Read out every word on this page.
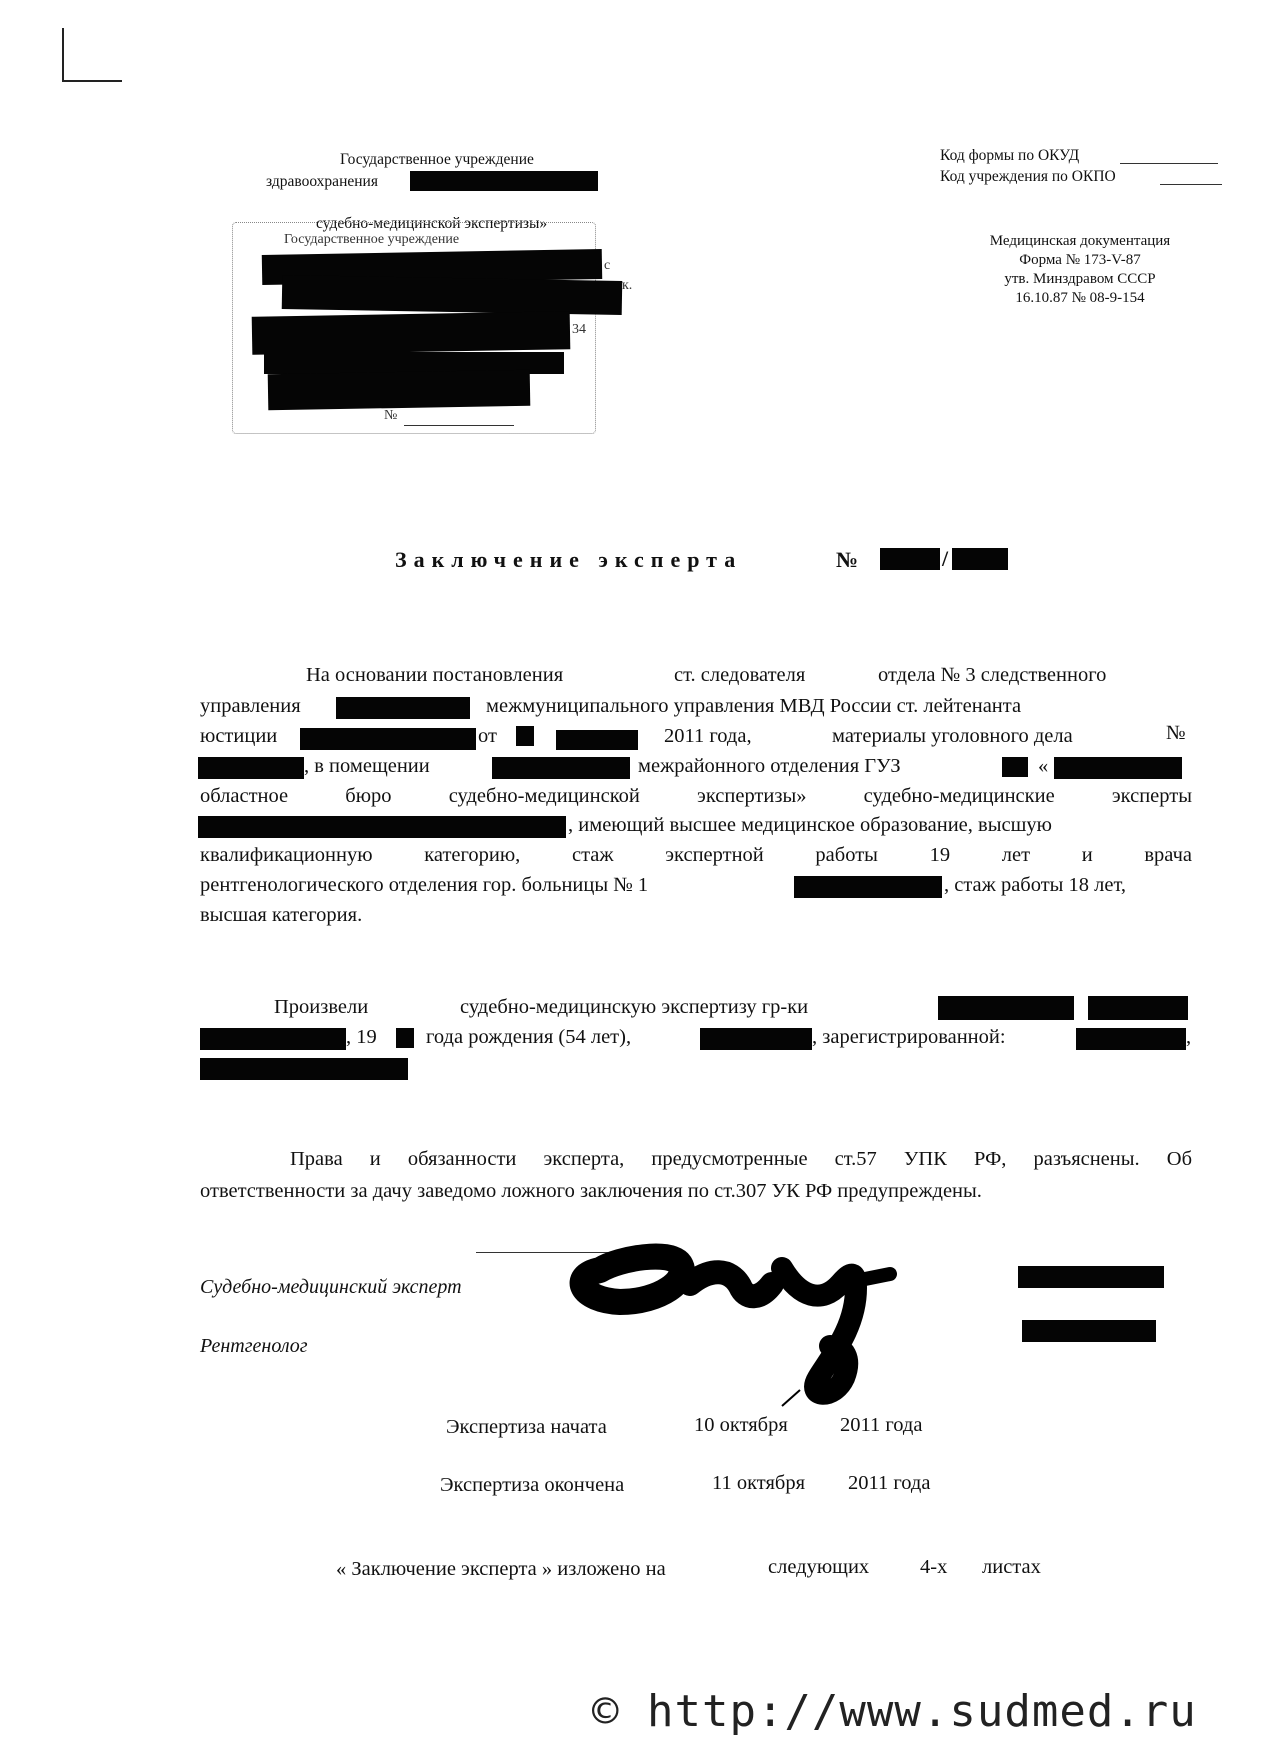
Государственное учреждение
здравоохранения
судебно-медицинской экспертизы»
Государственное учреждение
с
к.
34
№
Код формы по ОКУД
Код учреждения по ОКПО
Медицинская документация
Форма № 173-V-87
утв. Минздравом СССР
16.10.87 № 08-9-154
Заключение эксперта	№	/
На основании постановления	ст. следователя	отдела № 3 следственного
управления	межмуниципального управления МВД России ст. лейтенанта
юстиции	от	2011 года,	материалы уголовного дела	№
, в помещении	межрайонного отделения ГУЗ	«
областное бюро судебно-медицинской экспертизы» судебно-медицинские эксперты
, имеющий высшее медицинское образование, высшую
квалификационную категорию, стаж экспертной работы 19 лет и врача
рентгенологического отделения гор. больницы № 1	, стаж работы 18 лет,
высшая категория.
Произвели	судебно-медицинскую экспертизу гр-ки
, 19 года рождения (54 лет),	, зарегистрированной:	,
Права и обязанности эксперта, предусмотренные ст.57 УПК РФ, разъяснены. Об
ответственности за дачу заведомо ложного заключения по ст.307 УК РФ предупреждены.
Судебно-медицинский эксперт
Рентгенолог
Экспертиза начата	10 октября	2011 года
Экспертиза окончена	11 октября 2011 года
« Заключение эксперта » изложено на	следующих 4-х листах
© http://www.sudmed.ru
